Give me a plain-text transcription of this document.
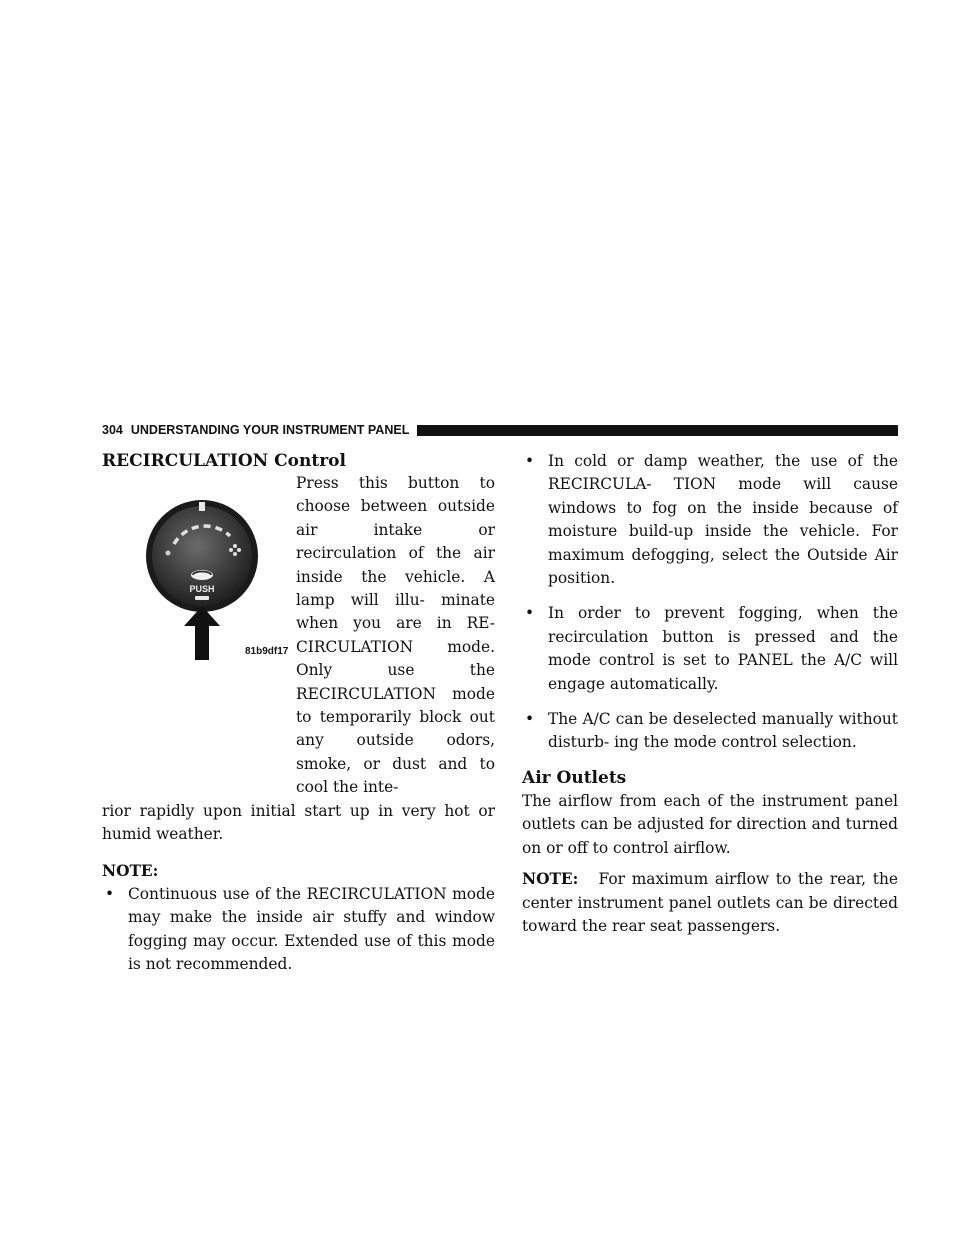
304 UNDERSTANDING YOUR INSTRUMENT PANEL
RECIRCULATION Control
PUSH
81b9df17

Press this button to choose between outside air intake or recirculation of the air inside the vehicle. A lamp will illu- minate when you are in RE- CIRCULATION mode. Only use the RECIRCULATION mode to temporarily block out any outside odors, smoke, or dust and to cool the inte-

rior rapidly upon initial start up in very hot or humid weather.

NOTE:

• Continuous use of the RECIRCULATION mode may make the inside air stuffy and window fogging may occur. Extended use of this mode is not recommended.
• In cold or damp weather, the use of the RECIRCULA- TION mode will cause windows to fog on the inside because of moisture build-up inside the vehicle. For maximum defogging, select the Outside Air position.
• In order to prevent fogging, when the recirculation button is pressed and the mode control is set to PANEL the A/C will engage automatically.
• The A/C can be deselected manually without disturb- ing the mode control selection.
Air Outlets

The airflow from each of the instrument panel outlets can be adjusted for direction and turned on or off to control airflow.

NOTE: For maximum airflow to the rear, the center instrument panel outlets can be directed toward the rear seat passengers.
